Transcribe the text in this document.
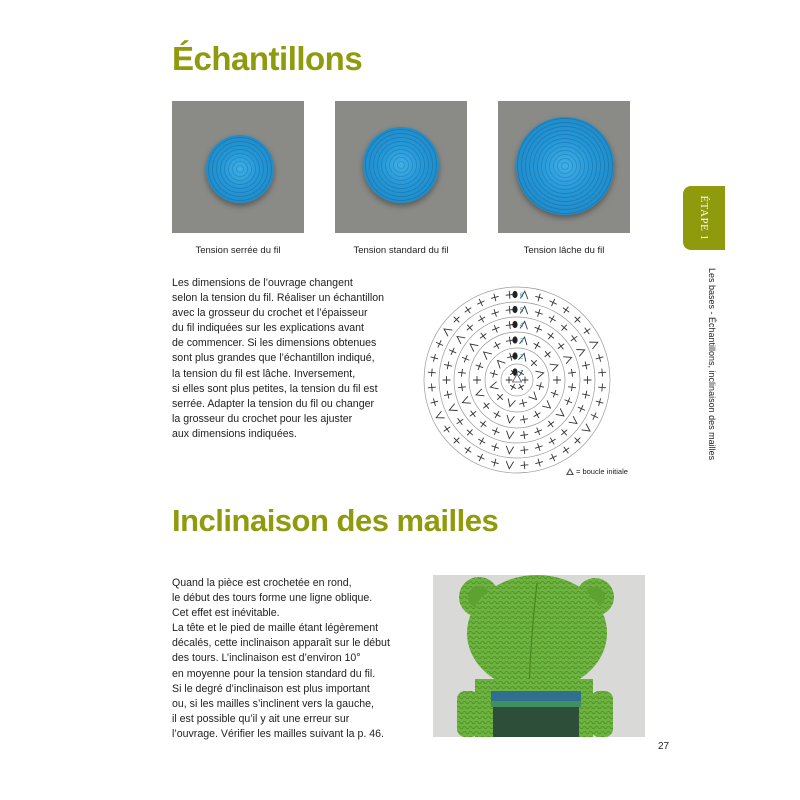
Échantillons
Tension serrée du fil	Tension standard du fil	Tension lâche du fil

Les dimensions de l’ouvrage changent
selon la tension du fil. Réaliser un échantillon
avec la grosseur du crochet et l’épaisseur
du fil indiquées sur les explications avant
de commencer. Si les dimensions obtenues
sont plus grandes que l’échantillon indiqué,
la tension du fil est lâche. Inversement,
si elles sont plus petites, la tension du fil est
serrée. Adapter la tension du fil ou changer
la grosseur du crochet pour les ajuster
aux dimensions indiquées.

1
2
3
4
5
6
= boucle initiale
Inclinaison des mailles

Quand la pièce est crochetée en rond,
le début des tours forme une ligne oblique.
Cet effet est inévitable.
La tête et le pied de maille étant légèrement
décalés, cette inclinaison apparaît sur le début
des tours. L’inclinaison est d’environ 10°
en moyenne pour la tension standard du fil.
Si le degré d’inclinaison est plus important
ou, si les mailles s’inclinent vers la gauche,
il est possible qu’il y ait une erreur sur
l’ouvrage. Vérifier les mailles suivant la p. 46.

ÉTAPE 1
Les bases - Échantillons, inclinaison des mailles
27
